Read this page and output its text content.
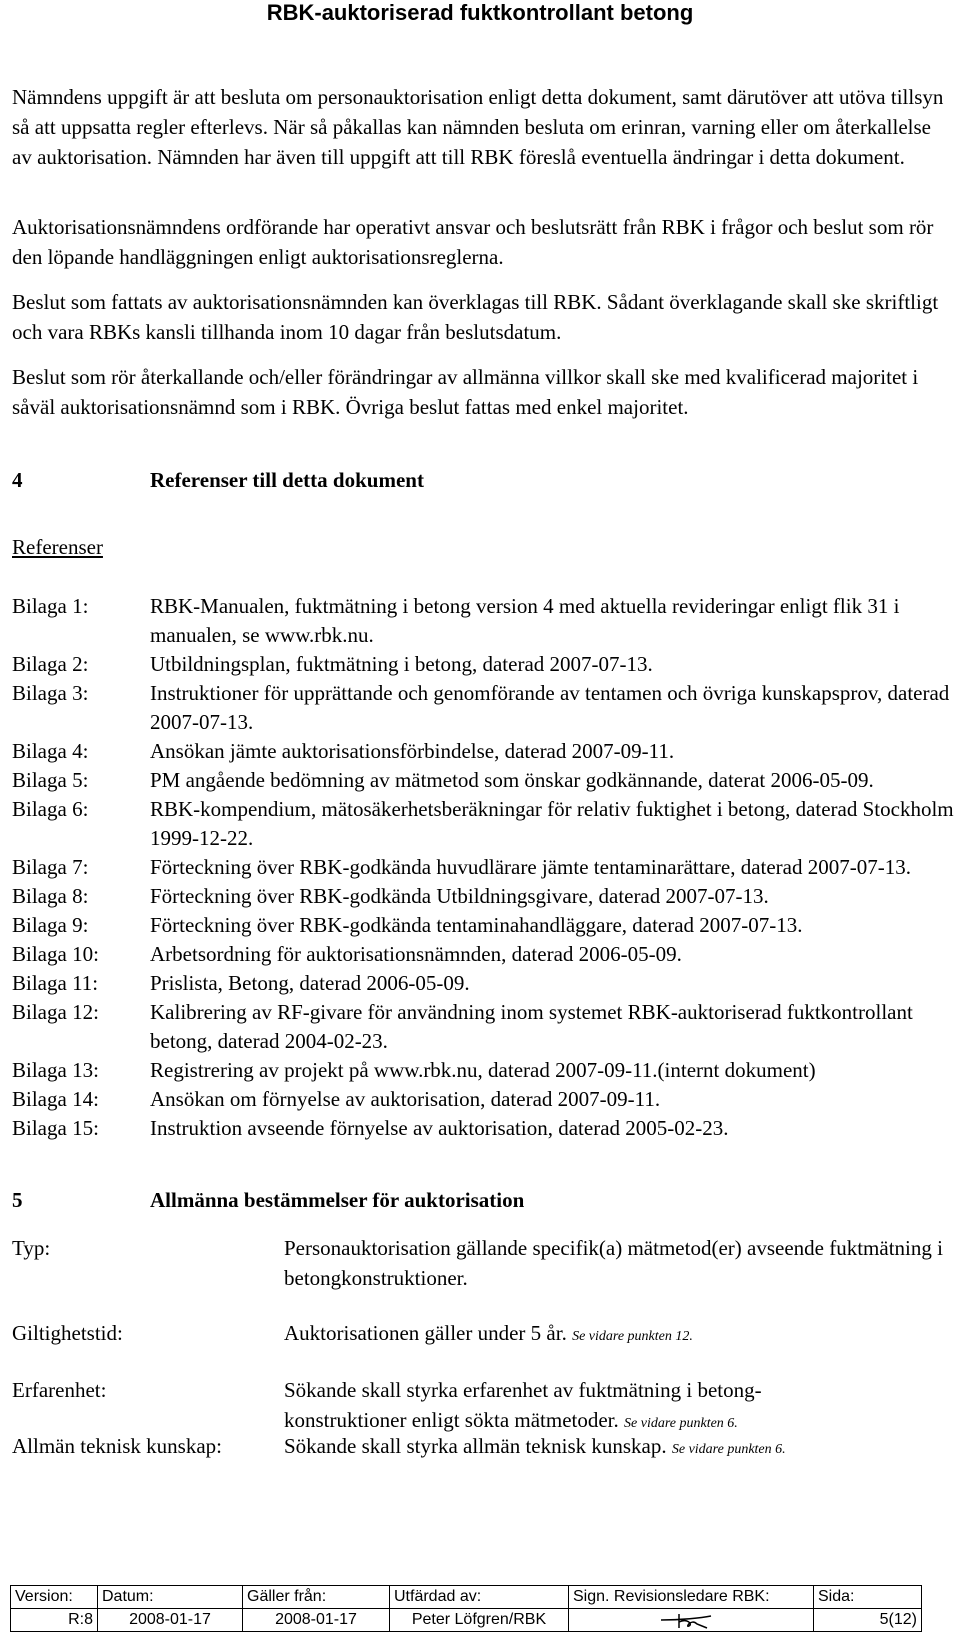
RBK-auktoriserad fuktkontrollant betong
Nämndens uppgift är att besluta om personauktorisation enligt detta dokument, samt därutöver att utöva tillsyn så att uppsatta regler efterlevs. När så påkallas kan nämnden besluta om erinran, varning eller om återkallelse av auktorisation. Nämnden har även till uppgift att till RBK föreslå eventuella ändringar i detta dokument.
Auktorisationsnämndens ordförande har operativt ansvar och beslutsrätt från RBK i frågor och beslut som rör den löpande handläggningen enligt auktorisationsreglerna.
Beslut som fattats av auktorisationsnämnden kan överklagas till RBK. Sådant överklagande skall ske skriftligt och vara RBKs kansli tillhanda inom 10 dagar från beslutsdatum.
Beslut som rör återkallande och/eller förändringar av allmänna villkor skall ske med kvalificerad majoritet i såväl auktorisationsnämnd som i RBK. Övriga beslut fattas med enkel majoritet.
4	Referenser till detta dokument
Referenser
Bilaga 1:	RBK-Manualen, fuktmätning i betong version 4 med aktuella revideringar enligt flik 31 i manualen, se www.rbk.nu.
Bilaga 2:	Utbildningsplan, fuktmätning i betong, daterad 2007-07-13.
Bilaga 3:	Instruktioner för upprättande och genomförande av tentamen och övriga kunskapsprov, daterad 2007-07-13.
Bilaga 4:	Ansökan jämte auktorisationsförbindelse, daterad 2007-09-11.
Bilaga 5:	PM angående bedömning av mätmetod som önskar godkännande, daterat 2006-05-09.
Bilaga 6:	RBK-kompendium, mätosäkerhetsberäkningar för relativ fuktighet i betong, daterad Stockholm 1999-12-22.
Bilaga 7:	Förteckning över RBK-godkända huvudlärare jämte tentaminarättare, daterad 2007-07-13.
Bilaga 8:	Förteckning över RBK-godkända Utbildningsgivare, daterad 2007-07-13.
Bilaga 9:	Förteckning över RBK-godkända tentaminahandläggare, daterad 2007-07-13.
Bilaga 10: Arbetsordning för auktorisationsnämnden, daterad 2006-05-09.
Bilaga 11: Prislista, Betong, daterad 2006-05-09.
Bilaga 12: Kalibrering av RF-givare för användning inom systemet RBK-auktoriserad fuktkontrollant betong, daterad 2004-02-23.
Bilaga 13: Registrering av projekt på www.rbk.nu, daterad 2007-09-11.(internt dokument)
Bilaga 14: Ansökan om förnyelse av auktorisation, daterad 2007-09-11.
Bilaga 15: Instruktion avseende förnyelse av auktorisation, daterad 2005-02-23.
5	Allmänna bestämmelser för auktorisation
Typ:	Personauktorisation gällande specifik(a) mätmetod(er) avseende fuktmätning i betongkonstruktioner.
Giltighetstid:	Auktorisationen gäller under 5 år. Se vidare punkten 12.
Erfarenhet:	Sökande skall styrka erfarenhet av fuktmätning i betong-konstruktioner enligt sökta mätmetoder. Se vidare punkten 6.
Allmän teknisk kunskap:	Sökande skall styrka allmän teknisk kunskap. Se vidare punkten 6.
Version:	Datum:	Gäller från:	Utfärdad av:	Sign. Revisionsledare RBK:	Sida:
R:8	2008-01-17	2008-01-17	Peter Löfgren/RBK		5(12)
